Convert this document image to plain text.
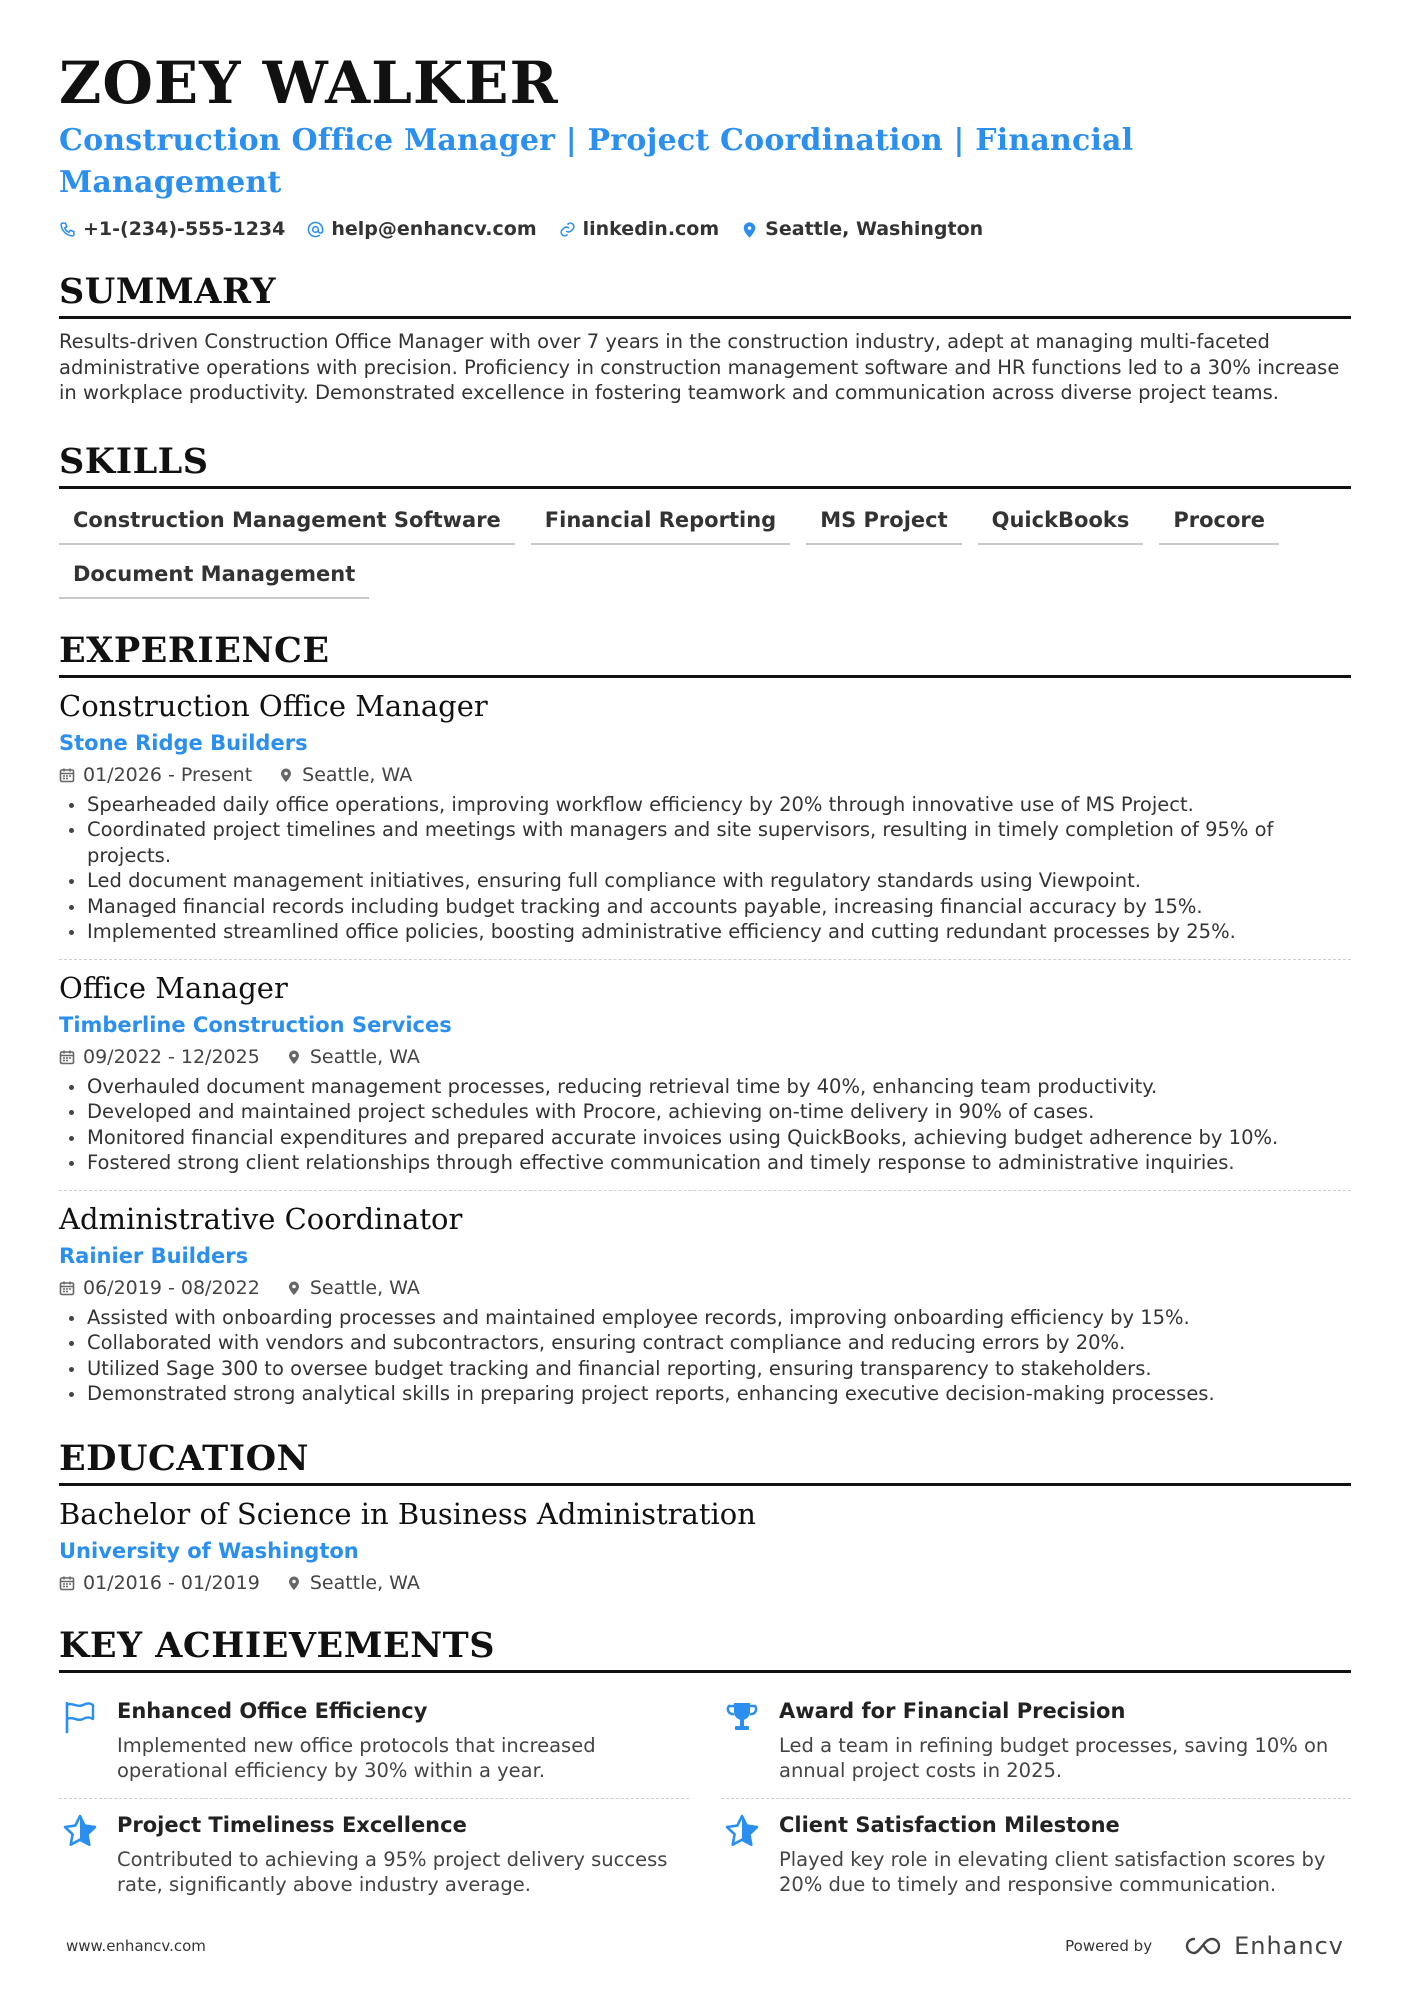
ZOEY WALKER
Construction Office Manager | Project Coordination | Financial Management
+1-(234)-555-1234 help@enhancv.com linkedin.com Seattle, Washington
SUMMARY
Results-driven Construction Office Manager with over 7 years in the construction industry, adept at managing multi-faceted administrative operations with precision. Proficiency in construction management software and HR functions led to a 30% increase in workplace productivity. Demonstrated excellence in fostering teamwork and communication across diverse project teams.
SKILLS
Construction Management Software	Financial Reporting	MS Project	QuickBooks	Procore
Document Management
EXPERIENCE
Construction Office Manager
Stone Ridge Builders
01/2026 - Present	Seattle, WA
Spearheaded daily office operations, improving workflow efficiency by 20% through innovative use of MS Project.
Coordinated project timelines and meetings with managers and site supervisors, resulting in timely completion of 95% of projects.
Led document management initiatives, ensuring full compliance with regulatory standards using Viewpoint.
Managed financial records including budget tracking and accounts payable, increasing financial accuracy by 15%.
Implemented streamlined office policies, boosting administrative efficiency and cutting redundant processes by 25%.
Office Manager
Timberline Construction Services
09/2022 - 12/2025	Seattle, WA
Overhauled document management processes, reducing retrieval time by 40%, enhancing team productivity.
Developed and maintained project schedules with Procore, achieving on-time delivery in 90% of cases.
Monitored financial expenditures and prepared accurate invoices using QuickBooks, achieving budget adherence by 10%.
Fostered strong client relationships through effective communication and timely response to administrative inquiries.
Administrative Coordinator
Rainier Builders
06/2019 - 08/2022	Seattle, WA
Assisted with onboarding processes and maintained employee records, improving onboarding efficiency by 15%.
Collaborated with vendors and subcontractors, ensuring contract compliance and reducing errors by 20%.
Utilized Sage 300 to oversee budget tracking and financial reporting, ensuring transparency to stakeholders.
Demonstrated strong analytical skills in preparing project reports, enhancing executive decision-making processes.
EDUCATION
Bachelor of Science in Business Administration
University of Washington
01/2016 - 01/2019	Seattle, WA
KEY ACHIEVEMENTS
Enhanced Office Efficiency
Implemented new office protocols that increased operational efficiency by 30% within a year.
Award for Financial Precision
Led a team in refining budget processes, saving 10% on annual project costs in 2025.
Project Timeliness Excellence
Contributed to achieving a 95% project delivery success rate, significantly above industry average.
Client Satisfaction Milestone
Played key role in elevating client satisfaction scores by 20% due to timely and responsive communication.
www.enhancv.com	Powered by	Enhancv
